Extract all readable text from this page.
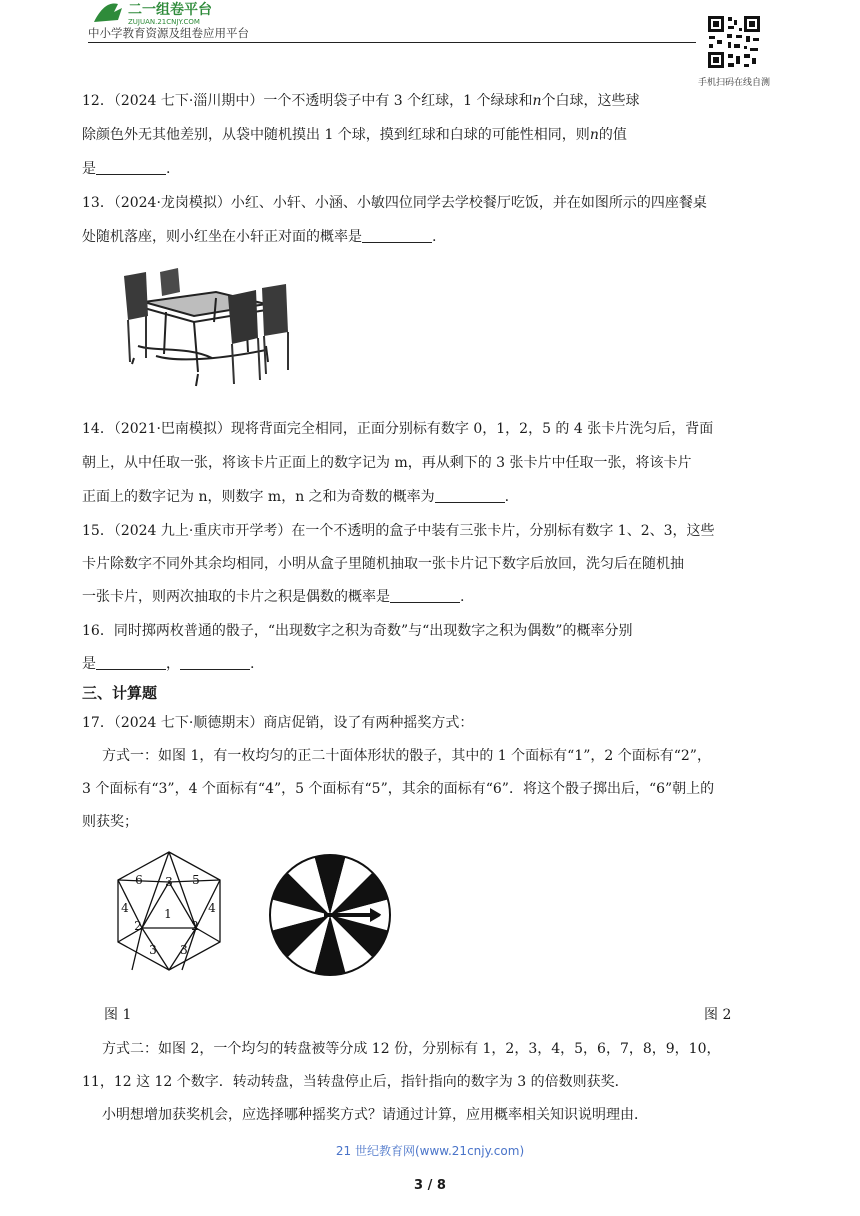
二一组卷平台
ZUJUAN.21CNJY.COM
中小学教育资源及组卷应用平台
手机扫码在线自测
12．（2024 七下·淄川期中）一个不透明袋子中有 3 个红球，1 个绿球和n个白球，这些球
除颜色外无其他差别，从袋中随机摸出 1 个球，摸到红球和白球的可能性相同，则n的值
是	.
13．（2024·龙岗模拟）小红、小轩、小涵、小敏四位同学去学校餐厅吃饭，并在如图所示的四座餐桌
处随机落座，则小红坐在小轩正对面的概率是	.
14．（2021·巴南模拟）现将背面完全相同，正面分别标有数字 0，1，2，5 的 4 张卡片洗匀后，背面
朝上，从中任取一张，将该卡片正面上的数字记为 m，再从剩下的 3 张卡片中任取一张，将该卡片
正面上的数字记为 n，则数字 m，n 之和为奇数的概率为	.
15．（2024 九上·重庆市开学考）在一个不透明的盒子中装有三张卡片，分别标有数字 1、2、3，这些
卡片除数字不同外其余均相同，小明从盒子里随机抽取一张卡片记下数字后放回，洗匀后在随机抽
一张卡片，则两次抽取的卡片之积是偶数的概率是	.
16．同时掷两枚普通的骰子，“出现数字之积为奇数”与“出现数字之积为偶数”的概率分别
是	，	.
三、计算题
17．（2024 七下·顺德期末）商店促销，设了有两种摇奖方式：
方式一：如图 1，有一枚均匀的正二十面体形状的骰子，其中的 1 个面标有“1”，2 个面标有“2”，
3 个面标有“3”，4 个面标有“4”，5 个面标有“5”，其余的面标有“6”．将这个骰子掷出后，“6”朝上的
则获奖；
6 3 5
4	1	4
2	2
3 3
12 2
4
6
8
10
图 1	图 2
方式二：如图 2，一个均匀的转盘被等分成 12 份，分别标有 1，2，3，4，5，6，7，8，9，10，
11，12 这 12 个数字．转动转盘，当转盘停止后，指针指向的数字为 3 的倍数则获奖．
小明想增加获奖机会，应选择哪种摇奖方式？请通过计算，应用概率相关知识说明理由．
21 世纪教育网(www.21cnjy.com)
3 / 8
